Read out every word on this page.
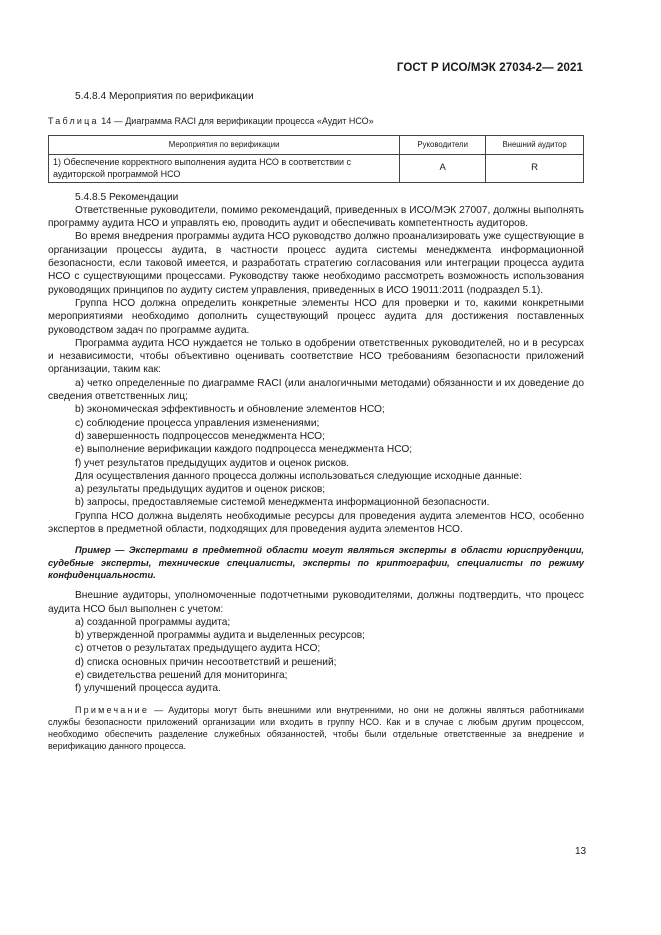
ГОСТ Р ИСО/МЭК 27034-2— 2021

5.4.8.4 Мероприятия по верификации

Таблица 14 — Диаграмма RACI для верификации процесса «Аудит НСО»

Мероприятия по верификации	Руководители	Внешний аудитор
1) Обеспечение корректного выполнения аудита НСО в соответствии с аудиторской программой НСО	A	R

5.4.8.5 Рекомендации

Ответственные руководители, помимо рекомендаций, приведенных в ИСО/МЭК 27007, должны выполнять программу аудита НСО и управлять ею, проводить аудит и обеспечивать компетентность аудиторов.

Во время внедрения программы аудита НСО руководство должно проанализировать уже существующие в организации процессы аудита, в частности процесс аудита системы менеджмента информационной безопасности, если таковой имеется, и разработать стратегию согласования или интеграции процесса аудита НСО с существующими процессами. Руководству также необходимо рассмотреть возможность использования руководящих принципов по аудиту систем управления, приведенных в ИСО 19011:2011 (подраздел 5.1).

Группа НСО должна определить конкретные элементы НСО для проверки и то, какими конкретными мероприятиями необходимо дополнить существующий процесс аудита для достижения поставленных руководством задач по программе аудита.

Программа аудита НСО нуждается не только в одобрении ответственных руководителей, но и в ресурсах и независимости, чтобы объективно оценивать соответствие НСО требованиям безопасности приложений организации, таким как:

а) четко определенные по диаграмме RACI (или аналогичными методами) обязанности и их доведение до сведения ответственных лиц;

b) экономическая эффективность и обновление элементов НСО;

c) соблюдение процесса управления изменениями;

d) завершенность подпроцессов менеджмента НСО;

e) выполнение верификации каждого подпроцесса менеджмента НСО;

f) учет результатов предыдущих аудитов и оценок рисков.

Для осуществления данного процесса должны использоваться следующие исходные данные:

а) результаты предыдущих аудитов и оценок рисков;

b) запросы, предоставляемые системой менеджмента информационной безопасности.

Группа НСО должна выделять необходимые ресурсы для проведения аудита элементов НСО, особенно экспертов в предметной области, подходящих для проведения аудита элементов НСО.

Пример — Экспертами в предметной области могут являться эксперты в области юриспруденции, судебные эксперты, технические специалисты, эксперты по криптографии, специалисты по режиму конфиденциальности.

Внешние аудиторы, уполномоченные подотчетными руководителями, должны подтвердить, что процесс аудита НСО был выполнен с учетом:

а) созданной программы аудита;

b) утвержденной программы аудита и выделенных ресурсов;

c) отчетов о результатах предыдущего аудита НСО;

d) списка основных причин несоответствий и решений;

e) свидетельства решений для мониторинга;

f) улучшений процесса аудита.

Примечание — Аудиторы могут быть внешними или внутренними, но они не должны являться работниками службы безопасности приложений организации или входить в группу НСО. Как и в случае с любым другим процессом, необходимо обеспечить разделение служебных обязанностей, чтобы были отдельные ответственные за внедрение и верификацию данного процесса.

13
